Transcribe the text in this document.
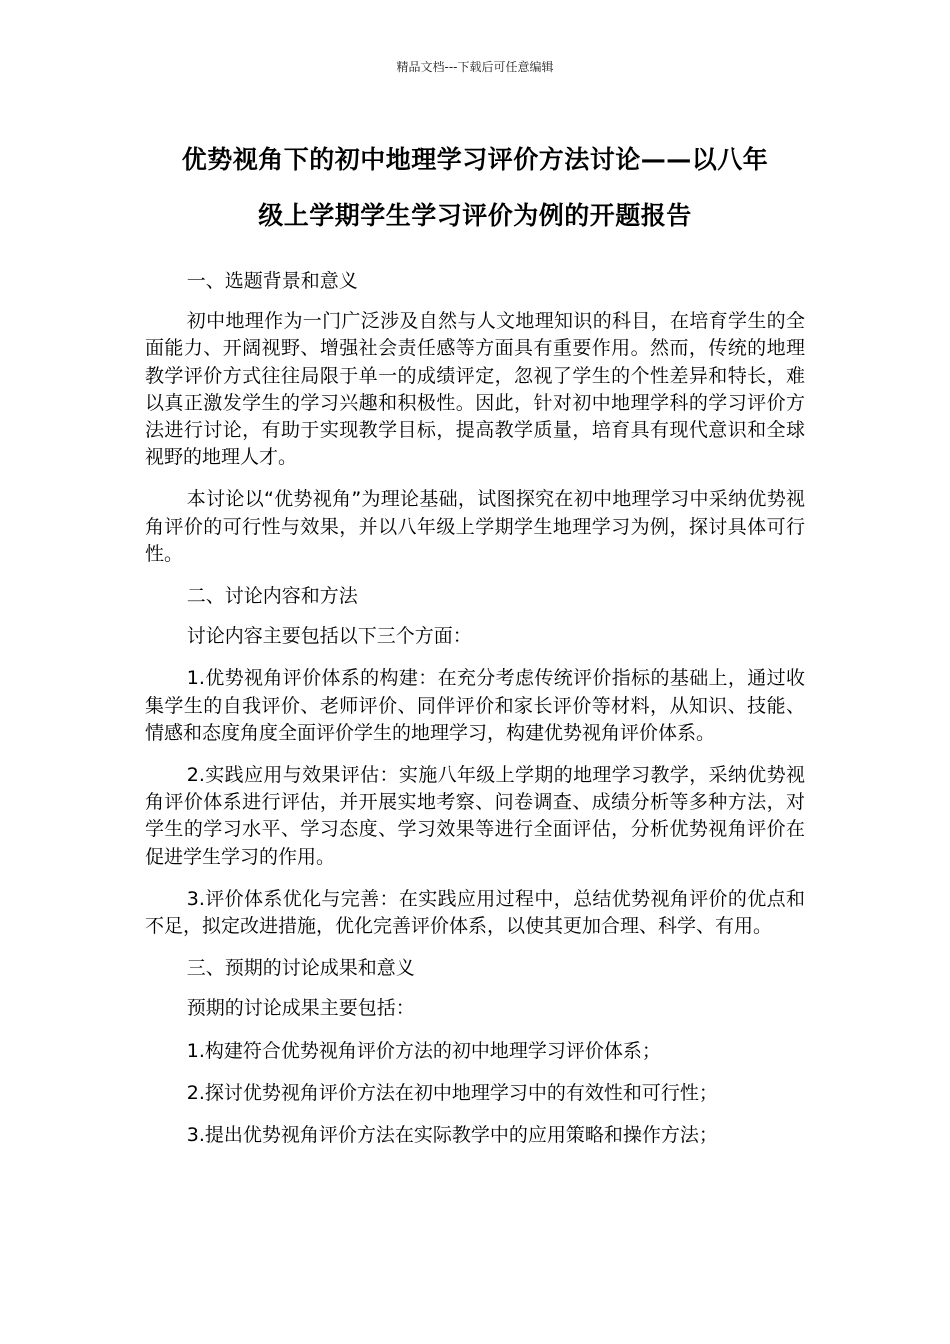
精品文档---下载后可任意编辑
优势视角下的初中地理学习评价方法讨论——以八年
级上学期学生学习评价为例的开题报告

一、选题背景和意义

初中地理作为一门广泛涉及自然与人文地理知识的科目，在培育学生的全面能力、开阔视野、增强社会责任感等方面具有重要作用。然而，传统的地理教学评价方式往往局限于单一的成绩评定，忽视了学生的个性差异和特长，难以真正激发学生的学习兴趣和积极性。因此，针对初中地理学科的学习评价方法进行讨论，有助于实现教学目标，提高教学质量，培育具有现代意识和全球视野的地理人才。

本讨论以“优势视角”为理论基础，试图探究在初中地理学习中采纳优势视角评价的可行性与效果，并以八年级上学期学生地理学习为例，探讨具体可行性。

二、讨论内容和方法

讨论内容主要包括以下三个方面：

1.优势视角评价体系的构建：在充分考虑传统评价指标的基础上，通过收集学生的自我评价、老师评价、同伴评价和家长评价等材料，从知识、技能、情感和态度角度全面评价学生的地理学习，构建优势视角评价体系。

2.实践应用与效果评估：实施八年级上学期的地理学习教学，采纳优势视角评价体系进行评估，并开展实地考察、问卷调查、成绩分析等多种方法，对学生的学习水平、学习态度、学习效果等进行全面评估，分析优势视角评价在促进学生学习的作用。

3.评价体系优化与完善：在实践应用过程中，总结优势视角评价的优点和不足，拟定改进措施，优化完善评价体系，以使其更加合理、科学、有用。

三、预期的讨论成果和意义

预期的讨论成果主要包括：

1.构建符合优势视角评价方法的初中地理学习评价体系；

2.探讨优势视角评价方法在初中地理学习中的有效性和可行性；

3.提出优势视角评价方法在实际教学中的应用策略和操作方法；
